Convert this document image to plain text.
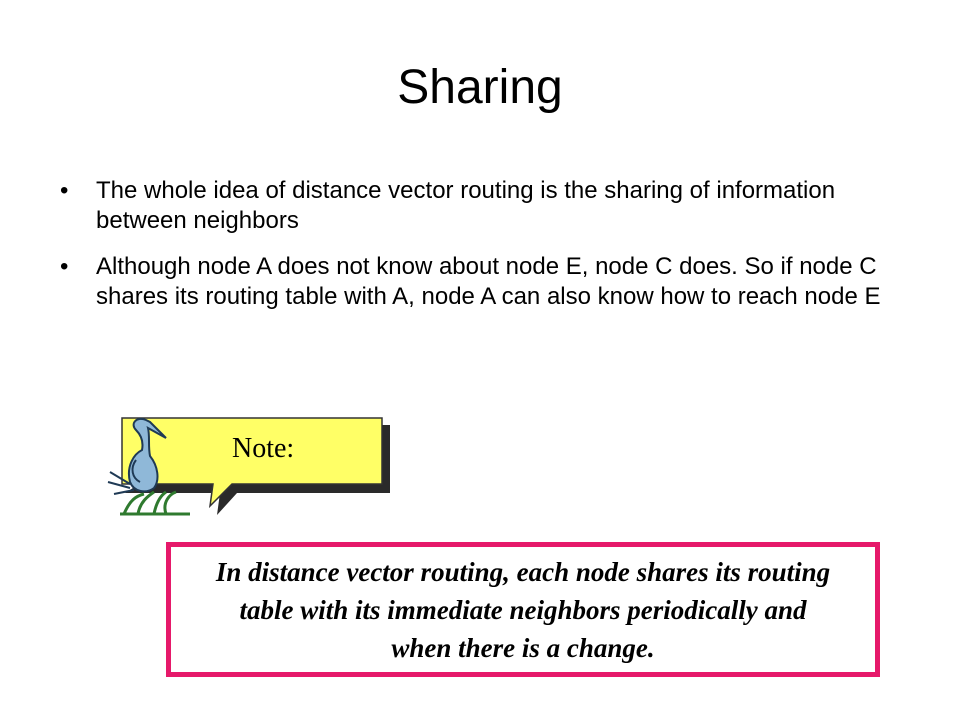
Sharing
• The whole idea of distance vector routing is the sharing of information between neighbors
• Although node A does not know about node E, node C does. So if node C shares its routing table with A, node A can also know how to reach node E
Note:

In distance vector routing, each node shares its routing table with its immediate neighbors periodically and when there is a change.
